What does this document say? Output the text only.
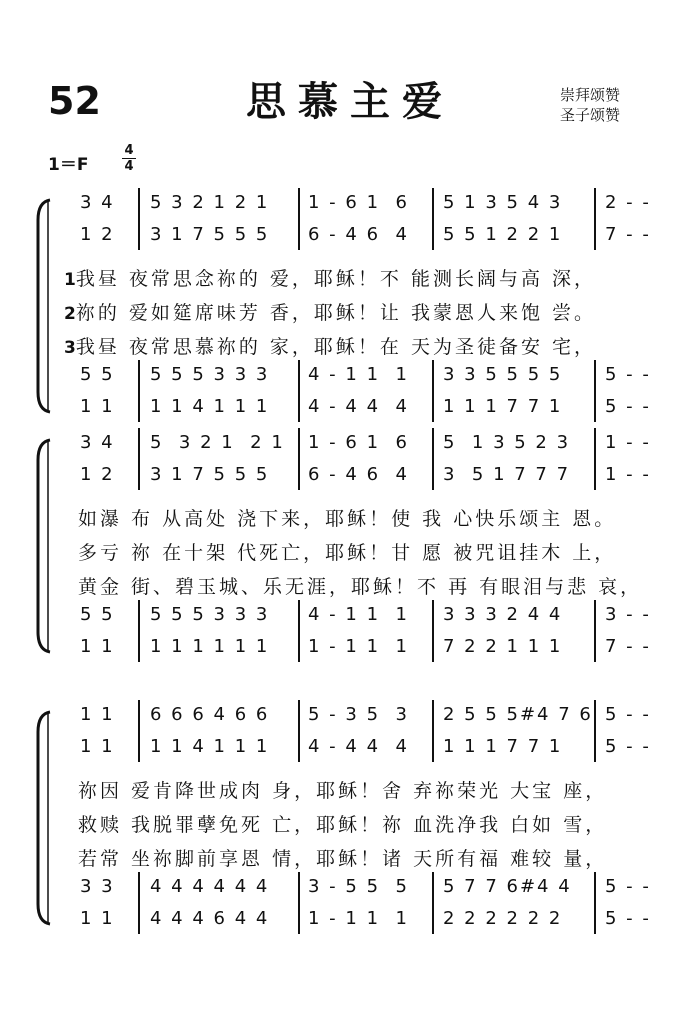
52	思慕主爱	崇拜颂赞
圣子颂赞
1＝F
4
4
3 4 5 3 2 1 2 1 1 - 6 1  6 5 1 3 5 4 3 2 - -
1 2 3 1 7 5 5 5 6 - 4 6  4 5 5 1 2 2 1 7 - -
5 5 5 5 5 3 3 3 4 - 1 1  1 3 3 5 5 5 5 5 - -
1 1 1 1 4 1 1 1 4 - 4 4  4 1 1 1 7 7 1 5 - -
1我昼 夜常思念祢的 爱，耶稣！不 能测长阔与高 深，
2祢的 爱如筵席味芳 香，耶稣！让 我蒙恩人来饱 尝。
3我昼 夜常思慕祢的 家，耶稣！在 天为圣徒备安 宅，
3 4 5  3 2 1  2 1 1 - 6 1  6 5  1 3 5 2 3 1 - -
1 2 3 1 7 5 5 5 6 - 4 6  4 3  5 1 7 7 7 1 - -
5 5 5 5 5 3 3 3 4 - 1 1  1 3 3 3 2 4 4 3 - -
1 1 1 1 1 1 1 1 1 - 1 1  1 7 2 2 1 1 1 7 - -
如瀑 布 从高处 浇下来，耶稣！使 我 心快乐颂主 恩。
多亏 祢 在十架 代死亡，耶稣！甘 愿 被咒诅挂木 上，
黄金 街、碧玉城、乐无涯，耶稣！不 再 有眼泪与悲 哀，
1 1 6 6 6 4 6 6 5 - 3 5  3 2 5 5 5#4 7 6 5 - -
1 1 1 1 4 1 1 1 4 - 4 4  4 1 1 1 7 7 1 5 - -
3 3 4 4 4 4 4 4 3 - 5 5  5 5 7 7 6#4 4 5 - -
1 1 4 4 4 6 4 4 1 - 1 1  1 2 2 2 2 2 2 5 - -
祢因 爱肯降世成肉 身，耶稣！舍 弃祢荣光 大宝 座，
救赎 我脱罪孽免死 亡，耶稣！祢 血洗净我 白如 雪，
若常 坐祢脚前享恩 情，耶稣！诸 天所有福 难较 量，
